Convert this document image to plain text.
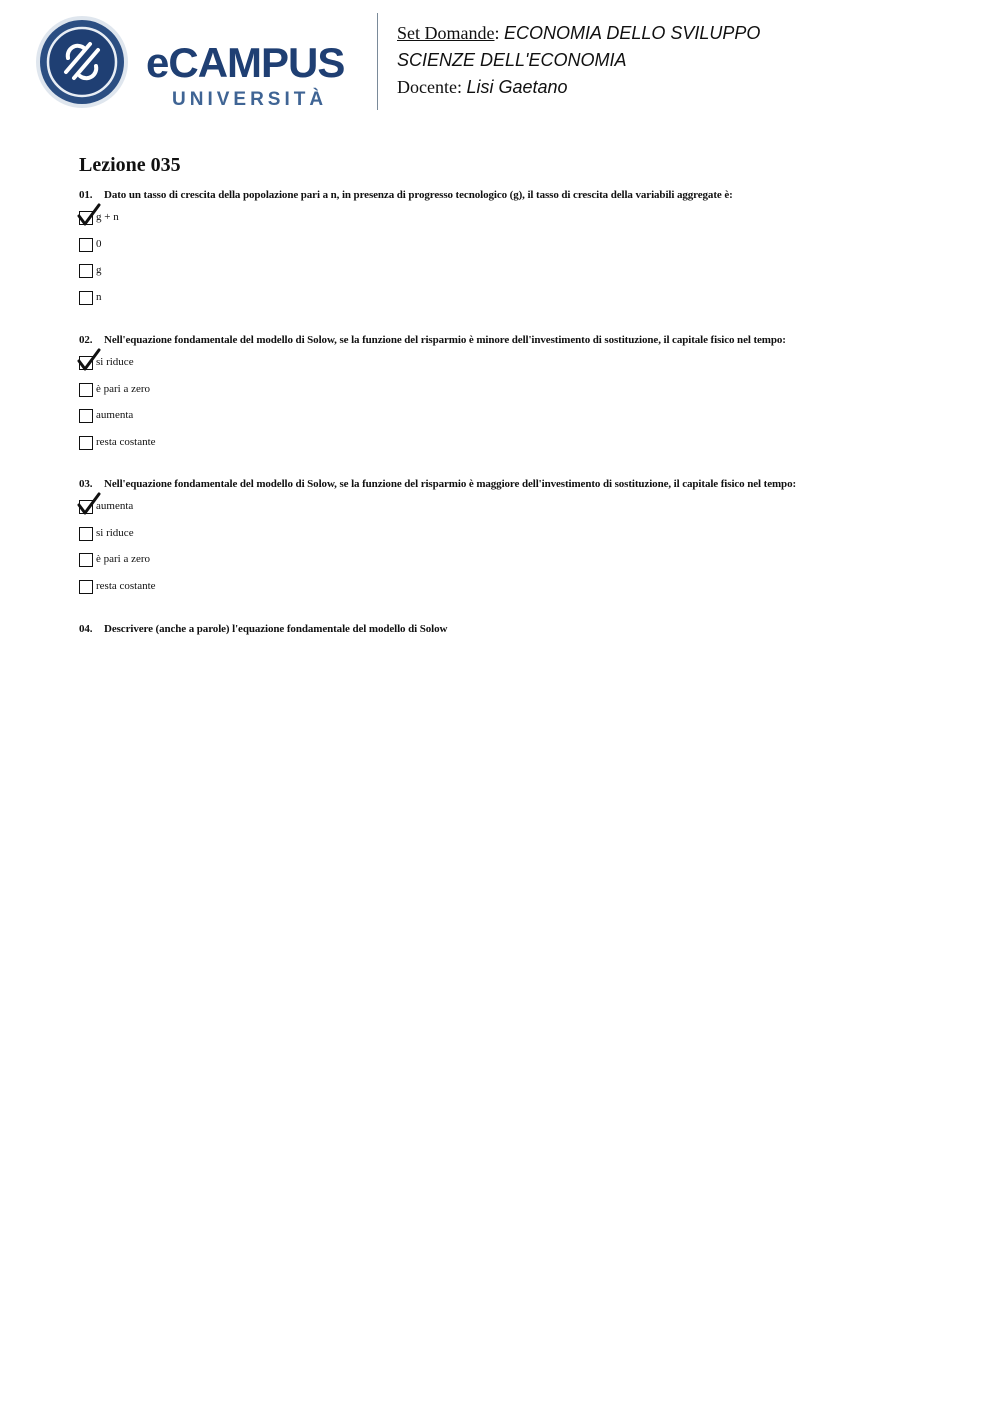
eCAMPUS
UNIVERSITÀ
Set Domande: ECONOMIA DELLO SVILUPPO
SCIENZE DELL'ECONOMIA
Docente: Lisi Gaetano
Lezione 035
01. Dato un tasso di crescita della popolazione pari a n, in presenza di progresso tecnologico (g), il tasso di crescita della variabili aggregate è:
g + n
0
g
n
02. Nell'equazione fondamentale del modello di Solow, se la funzione del risparmio è minore dell'investimento di sostituzione, il capitale fisico nel tempo:
si riduce
è pari a zero
aumenta
resta costante
03. Nell'equazione fondamentale del modello di Solow, se la funzione del risparmio è maggiore dell'investimento di sostituzione, il capitale fisico nel tempo:
aumenta
si riduce
è pari a zero
resta costante
04. Descrivere (anche a parole) l'equazione fondamentale del modello di Solow
